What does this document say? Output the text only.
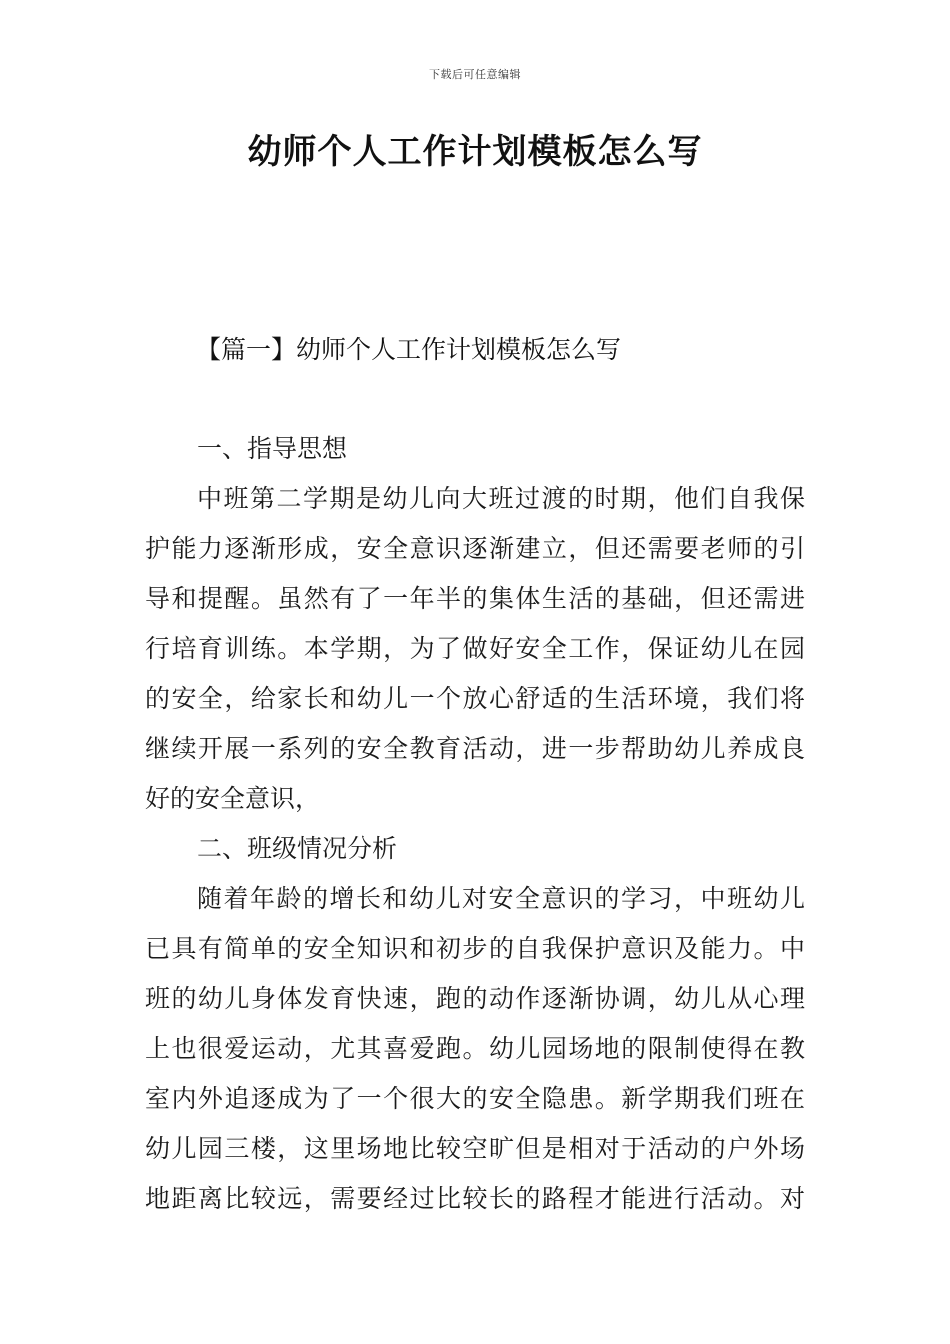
下载后可任意编辑
幼师个人工作计划模板怎么写
【篇一】幼师个人工作计划模板怎么写
一、指导思想
中班第二学期是幼儿向大班过渡的时期，他们自我保
护能力逐渐形成，安全意识逐渐建立，但还需要老师的引
导和提醒。虽然有了一年半的集体生活的基础，但还需进
行培育训练。本学期，为了做好安全工作，保证幼儿在园
的安全，给家长和幼儿一个放心舒适的生活环境，我们将
继续开展一系列的安全教育活动，进一步帮助幼儿养成良
好的安全意识，
二、班级情况分析
随着年龄的增长和幼儿对安全意识的学习，中班幼儿
已具有简单的安全知识和初步的自我保护意识及能力。中
班的幼儿身体发育快速，跑的动作逐渐协调，幼儿从心理
上也很爱运动，尤其喜爱跑。幼儿园场地的限制使得在教
室内外追逐成为了一个很大的安全隐患。新学期我们班在
幼儿园三楼，这里场地比较空旷但是相对于活动的户外场
地距离比较远，需要经过比较长的路程才能进行活动。对
